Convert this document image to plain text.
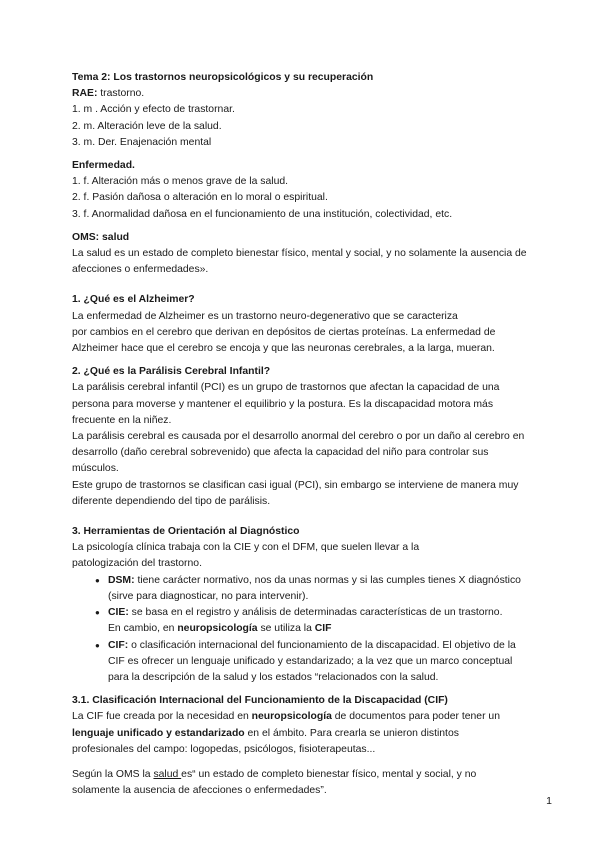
Tema 2: Los trastornos neuropsicológicos y su recuperación
RAE: trastorno.
1. m . Acción y efecto de trastornar.
2. m. Alteración leve de la salud.
3. m. Der. Enajenación mental
Enfermedad.
1. f. Alteración más o menos grave de la salud.
2. f. Pasión dañosa o alteración en lo moral o espiritual.
3. f. Anormalidad dañosa en el funcionamiento de una institución, colectividad, etc.
OMS: salud
La salud es un estado de completo bienestar físico, mental y social, y no solamente la ausencia de
afecciones o enfermedades».
1. ¿Qué es el Alzheimer?
La enfermedad de Alzheimer es un trastorno neuro-degenerativo que se caracteriza
por cambios en el cerebro que derivan en depósitos de ciertas proteínas. La enfermedad de
Alzheimer hace que el cerebro se encoja y que las neuronas cerebrales, a la larga, mueran.
2. ¿Qué es la Parálisis Cerebral Infantil?
La parálisis cerebral infantil (PCI) es un grupo de trastornos que afectan la capacidad de una
persona para moverse y mantener el equilibrio y la postura. Es la discapacidad motora más
frecuente en la niñez.
La parálisis cerebral es causada por el desarrollo anormal del cerebro o por un daño al cerebro en
desarrollo (daño cerebral sobrevenido) que afecta la capacidad del niño para controlar sus
músculos.
Este grupo de trastornos se clasifican casi igual (PCI), sin embargo se interviene de manera muy
diferente dependiendo del tipo de parálisis.
3. Herramientas de Orientación al Diagnóstico
La psicología clínica trabaja con la CIE y con el DFM, que suelen llevar a la
patologización del trastorno.
● DSM: tiene carácter normativo, nos da unas normas y si las cumples tienes X diagnóstico
(sirve para diagnosticar, no para intervenir).
● CIE: se basa en el registro y análisis de determinadas características de un trastorno.
En cambio, en neuropsicología se utiliza la CIF
● CIF: o clasificación internacional del funcionamiento de la discapacidad. El objetivo de la
CIF es ofrecer un lenguaje unificado y estandarizado; a la vez que un marco conceptual
para la descripción de la salud y los estados “relacionados con la salud.
3.1. Clasificación Internacional del Funcionamiento de la Discapacidad (CIF)
La CIF fue creada por la necesidad en neuropsicología de documentos para poder tener un
lenguaje unificado y estandarizado en el ámbito. Para crearla se unieron distintos
profesionales del campo: logopedas, psicólogos, fisioterapeutas...
Según la OMS la salud es“ un estado de completo bienestar físico, mental y social, y no
solamente la ausencia de afecciones o enfermedades”.
1
